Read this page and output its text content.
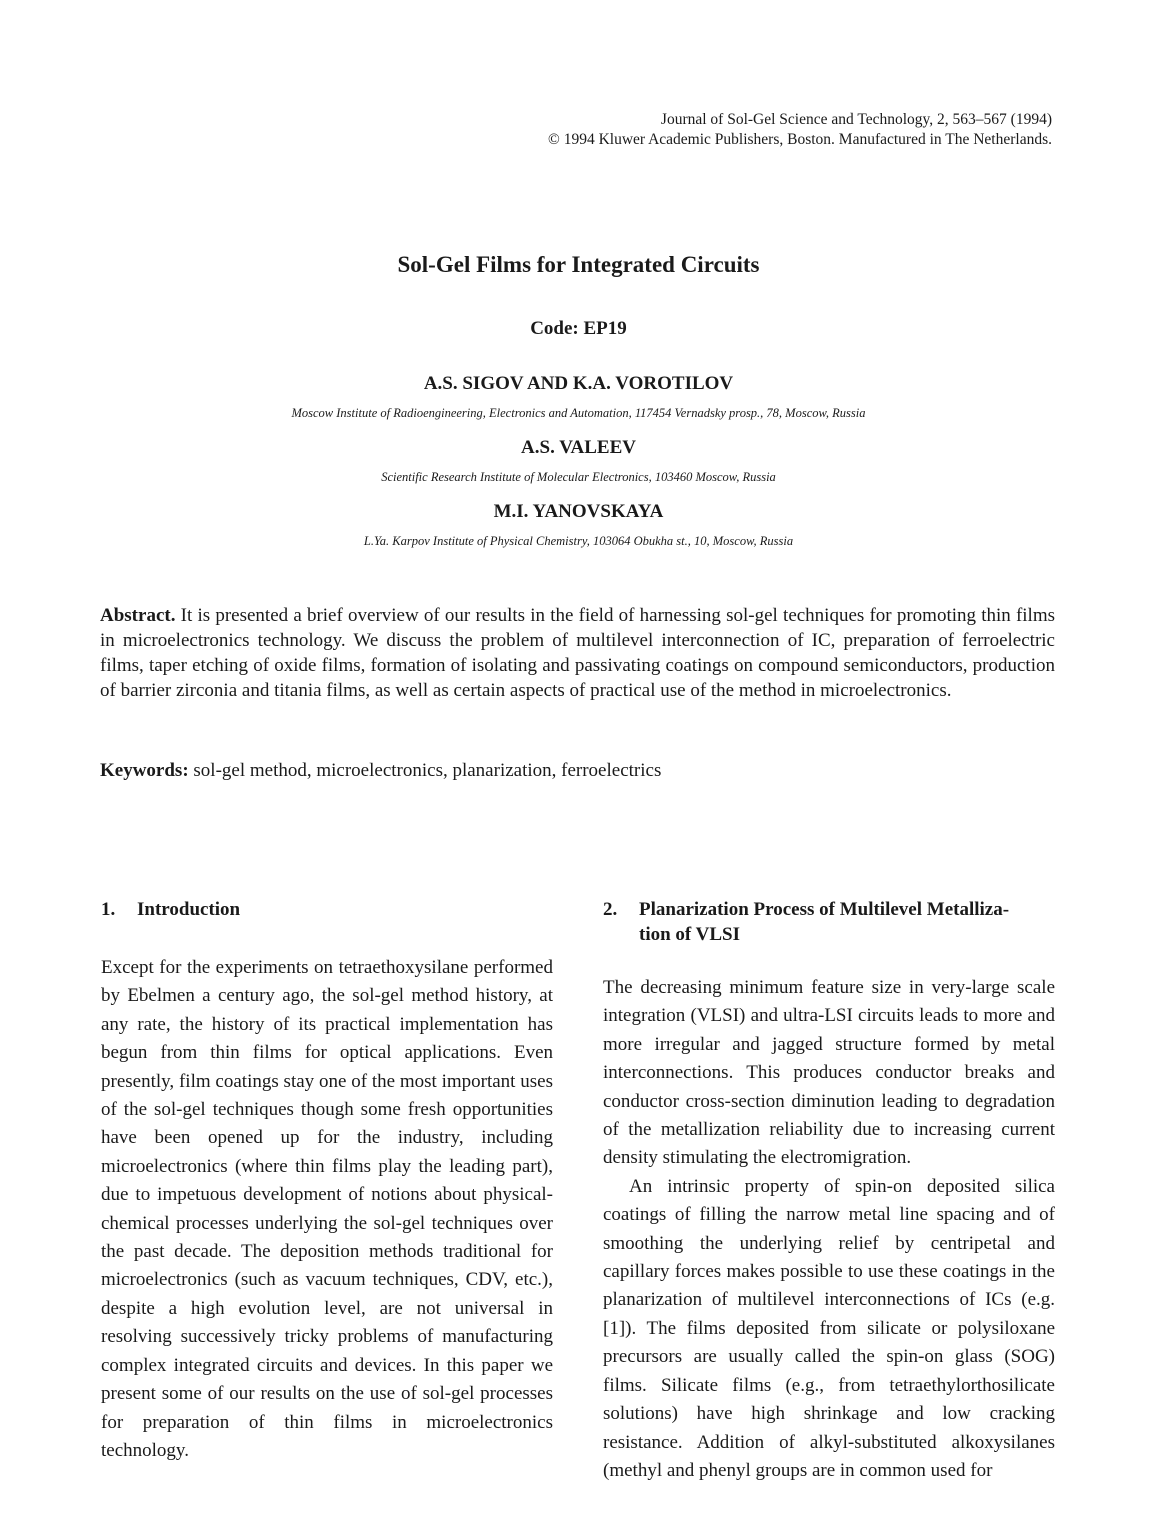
Journal of Sol-Gel Science and Technology, 2, 563–567 (1994)
© 1994 Kluwer Academic Publishers, Boston. Manufactured in The Netherlands.
Sol-Gel Films for Integrated Circuits
Code: EP19
A.S. SIGOV AND K.A. VOROTILOV
Moscow Institute of Radioengineering, Electronics and Automation, 117454 Vernadsky prosp., 78, Moscow, Russia
A.S. VALEEV
Scientific Research Institute of Molecular Electronics, 103460 Moscow, Russia
M.I. YANOVSKAYA
L.Ya. Karpov Institute of Physical Chemistry, 103064 Obukha st., 10, Moscow, Russia
Abstract. It is presented a brief overview of our results in the field of harnessing sol-gel techniques for promoting thin films in microelectronics technology. We discuss the problem of multilevel interconnection of IC, preparation of ferroelectric films, taper etching of oxide films, formation of isolating and passivating coatings on compound semiconductors, production of barrier zirconia and titania films, as well as certain aspects of practical use of the method in microelectronics.
Keywords: sol-gel method, microelectronics, planarization, ferroelectrics
1. Introduction

Except for the experiments on tetraethoxysilane performed by Ebelmen a century ago, the sol-gel method history, at any rate, the history of its practical implementation has begun from thin films for optical applications. Even presently, film coatings stay one of the most important uses of the sol-gel techniques though some fresh opportunities have been opened up for the industry, including microelectronics (where thin films play the leading part), due to impetuous development of notions about physical-chemical processes underlying the sol-gel techniques over the past decade. The deposition methods traditional for microelectronics (such as vacuum techniques, CDV, etc.), despite a high evolution level, are not universal in resolving successively tricky problems of manufacturing complex integrated circuits and devices. In this paper we present some of our results on the use of sol-gel processes for preparation of thin films in microelectronics technology.

2. Planarization Process of Multilevel Metalliza-
tion of VLSI

The decreasing minimum feature size in very-large scale integration (VLSI) and ultra-LSI circuits leads to more and more irregular and jagged structure formed by metal interconnections. This produces conductor breaks and conductor cross-section diminution leading to degradation of the metallization reliability due to increasing current density stimulating the electromigration.

An intrinsic property of spin-on deposited silica coatings of filling the narrow metal line spacing and of smoothing the underlying relief by centripetal and capillary forces makes possible to use these coatings in the planarization of multilevel interconnections of ICs (e.g. [1]). The films deposited from silicate or polysiloxane precursors are usually called the spin-on glass (SOG) films. Silicate films (e.g., from tetraethylorthosilicate solutions) have high shrinkage and low cracking resistance. Addition of alkyl-substituted alkoxysilanes (methyl and phenyl groups are in common used for
